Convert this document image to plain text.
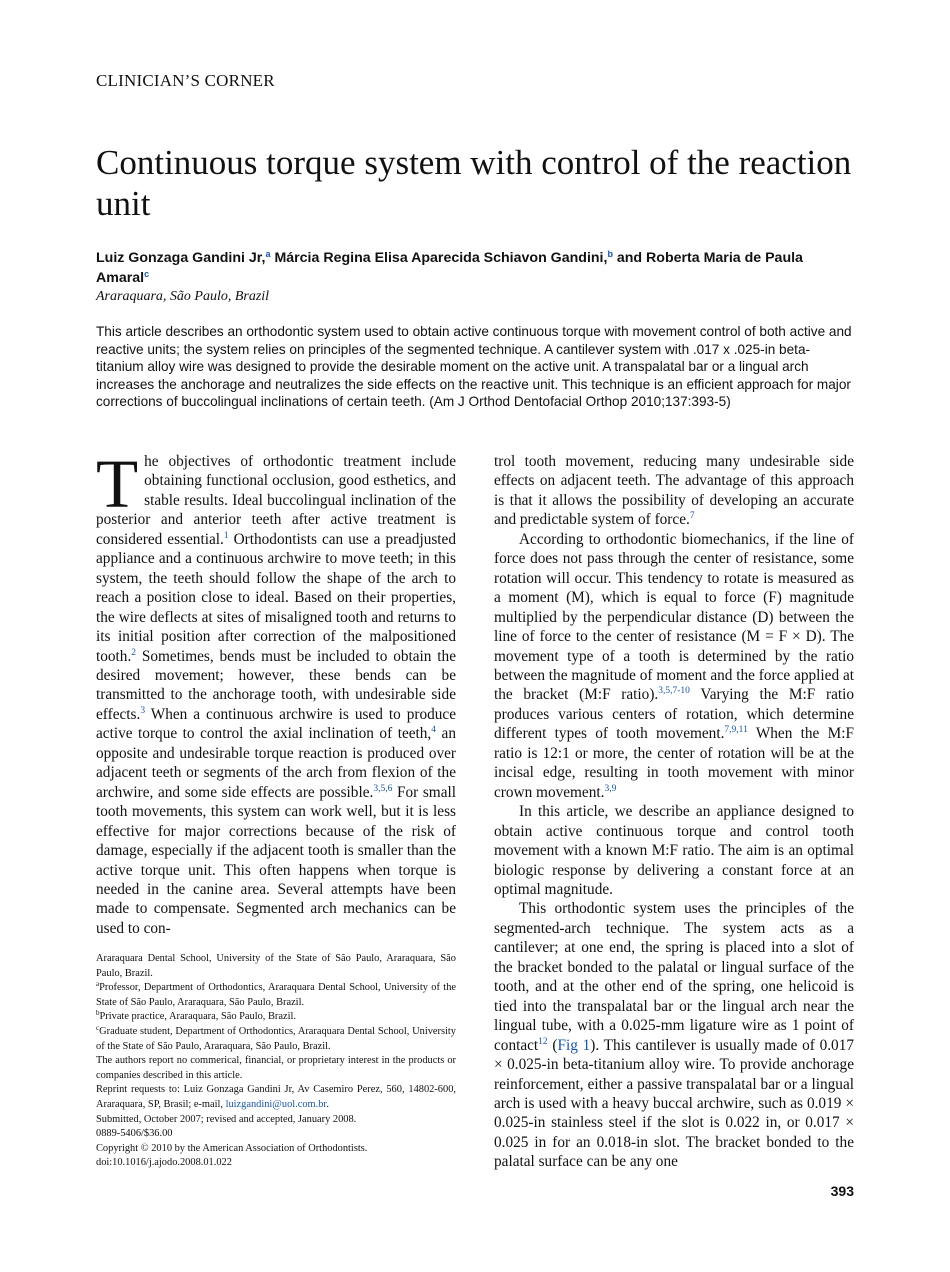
CLINICIAN’S CORNER
Continuous torque system with control of the reaction unit
Luiz Gonzaga Gandini Jr,$^a$ Márcia Regina Elisa Aparecida Schiavon Gandini,$^b$ and Roberta Maria de Paula Amaral$^c$
Araraquara, São Paulo, Brazil

This article describes an orthodontic system used to obtain active continuous torque with movement control of both active and reactive units; the system relies on principles of the segmented technique. A cantilever system with .017 x .025-in beta-titanium alloy wire was designed to provide the desirable moment on the active unit. A transpalatal bar or a lingual arch increases the anchorage and neutralizes the side effects on the reactive unit. This technique is an efficient approach for major corrections of buccolingual inclinations of certain teeth. (Am J Orthod Dentofacial Orthop 2010;137:393-5)

T he objectives of orthodontic treatment include obtaining functional occlusion, good esthetics, and stable results. Ideal buccolingual inclination of the posterior and anterior teeth after active treatment is considered essential.$^1$ Orthodontists can use a preadjusted appliance and a continuous archwire to move teeth; in this system, the teeth should follow the shape of the arch to reach a position close to ideal. Based on their properties, the wire deflects at sites of misaligned tooth and returns to its initial position after correction of the malpositioned tooth.$^2$ Sometimes, bends must be included to obtain the desired movement; however, these bends can be transmitted to the anchorage tooth, with undesirable side effects.$^3$ When a continuous archwire is used to produce active torque to control the axial inclination of teeth,$^4$ an opposite and undesirable torque reaction is produced over adjacent teeth or segments of the arch from flexion of the archwire, and some side effects are possible.$^{3,5,6}$ For small tooth movements, this system can work well, but it is less effective for major corrections because of the risk of damage, especially if the adjacent tooth is smaller than the active torque unit. This often happens when torque is needed in the canine area. Several attempts have been made to compensate. Segmented arch mechanics can be used to con-

trol tooth movement, reducing many undesirable side effects on adjacent teeth. The advantage of this approach is that it allows the possibility of developing an accurate and predictable system of force.$^7$

According to orthodontic biomechanics, if the line of force does not pass through the center of resistance, some rotation will occur. This tendency to rotate is measured as a moment (M), which is equal to force (F) magnitude multiplied by the perpendicular distance (D) between the line of force to the center of resistance (M = F × D). The movement type of a tooth is determined by the ratio between the magnitude of moment and the force applied at the bracket (M:F ratio).$^{3,5,7-10}$ Varying the M:F ratio produces various centers of rotation, which determine different types of tooth movement.$^{7,9,11}$ When the M:F ratio is 12:1 or more, the center of rotation will be at the incisal edge, resulting in tooth movement with minor crown movement.$^{3,9}$

In this article, we describe an appliance designed to obtain active continuous torque and control tooth movement with a known M:F ratio. The aim is an optimal biologic response by delivering a constant force at an optimal magnitude.

This orthodontic system uses the principles of the segmented-arch technique. The system acts as a cantilever; at one end, the spring is placed into a slot of the bracket bonded to the palatal or lingual surface of the tooth, and at the other end of the spring, one helicoid is tied into the transpalatal bar or the lingual arch near the lingual tube, with a 0.025-mm ligature wire as 1 point of contact$^{12}$ (Fig 1). This cantilever is usually made of 0.017 × 0.025-in beta-titanium alloy wire. To provide anchorage reinforcement, either a passive transpalatal bar or a lingual arch is used with a heavy buccal archwire, such as 0.019 × 0.025-in stainless steel if the slot is 0.022 in, or 0.017 × 0.025 in for an 0.018-in slot. The bracket bonded to the palatal surface can be any one

Araraquara Dental School, University of the State of São Paulo, Araraquara, São Paulo, Brazil.

$^a$Professor, Department of Orthodontics, Araraquara Dental School, University of the State of São Paulo, Araraquara, São Paulo, Brazil.

$^b$Private practice, Araraquara, São Paulo, Brazil.

$^c$Graduate student, Department of Orthodontics, Araraquara Dental School, University of the State of São Paulo, Araraquara, São Paulo, Brazil.

The authors report no commerical, financial, or proprietary interest in the products or companies described in this article.

Reprint requests to: Luiz Gonzaga Gandini Jr, Av Casemiro Perez, 560, 14802-600, Araraquara, SP, Brasil; e-mail, luizgandini@uol.com.br.

Submitted, October 2007; revised and accepted, January 2008.

0889-5406/$36.00

Copyright © 2010 by the American Association of Orthodontists.

doi:10.1016/j.ajodo.2008.01.022

393
